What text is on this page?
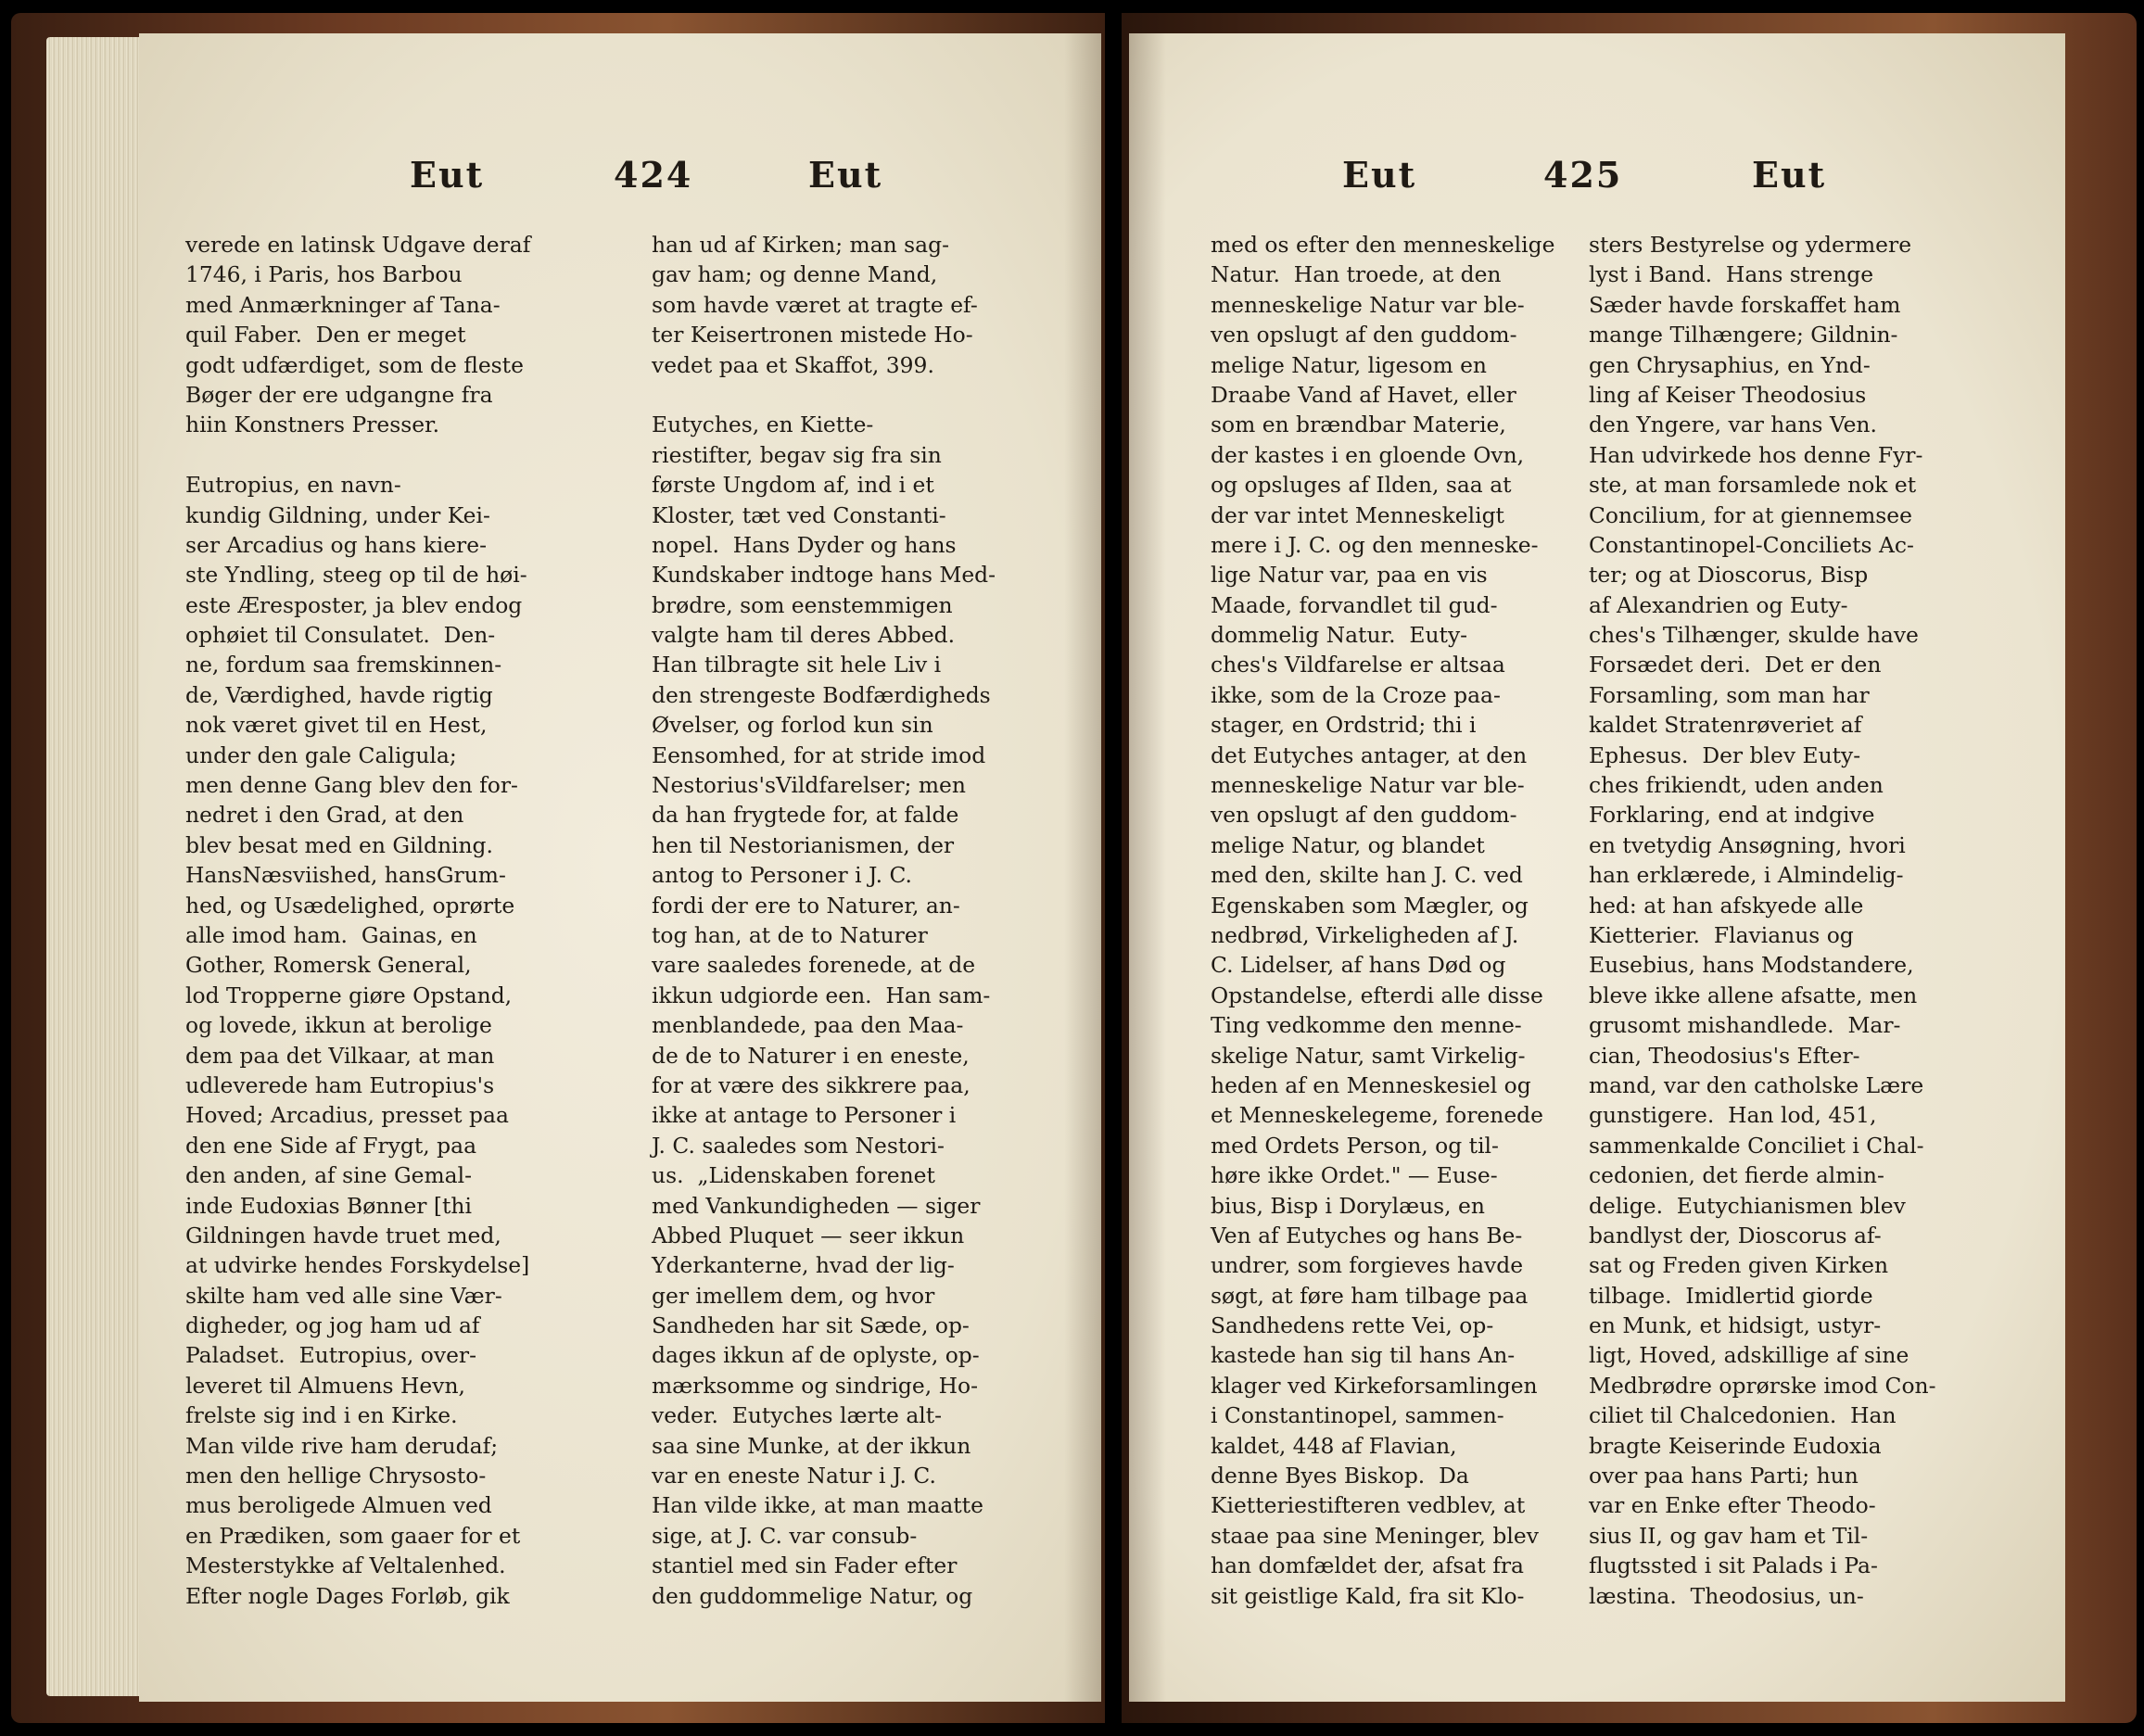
Eut	424	Eut
verede en latinsk Udgave deraf
1746, i Paris, hos Barbou
med Anmærkninger af Tana-
quil Faber.  Den er meget
godt udfærdiget, som de fleste
Bøger der ere udgangne fra
hiin Konstners Presser.
Eutropius, en navn-
kundig Gildning, under Kei-
ser Arcadius og hans kiere-
ste Yndling, steeg op til de høi-
este Æresposter, ja blev endog
ophøiet til Consulatet.  Den-
ne, fordum saa fremskinnen-
de, Værdighed, havde rigtig
nok været givet til en Hest,
under den gale Caligula;
men denne Gang blev den for-
nedret i den Grad, at den
blev besat med en Gildning.
HansNæsviished, hansGrum-
hed, og Usædelighed, oprørte
alle imod ham.  Gainas, en
Gother, Romersk General,
lod Tropperne giøre Opstand,
og lovede, ikkun at berolige
dem paa det Vilkaar, at man
udleverede ham Eutropius's
Hoved; Arcadius, presset paa
den ene Side af Frygt, paa
den anden, af sine Gemal-
inde Eudoxias Bønner [thi
Gildningen havde truet med,
at udvirke hendes Forskydelse]
skilte ham ved alle sine Vær-
digheder, og jog ham ud af
Paladset.  Eutropius, over-
leveret til Almuens Hevn,
frelste sig ind i en Kirke.
Man vilde rive ham derudaf;
men den hellige Chrysosto-
mus beroligede Almuen ved
en Prædiken, som gaaer for et
Mesterstykke af Veltalenhed.
Efter nogle Dages Forløb, gik
han ud af Kirken; man sag-
gav ham; og denne Mand,
som havde været at tragte ef-
ter Keisertronen mistede Ho-
vedet paa et Skaffot, 399.
Eutyches, en Kiette-
riestifter, begav sig fra sin
første Ungdom af, ind i et
Kloster, tæt ved Constanti-
nopel.  Hans Dyder og hans
Kundskaber indtoge hans Med-
brødre, som eenstemmigen
valgte ham til deres Abbed.
Han tilbragte sit hele Liv i
den strengeste Bodfærdigheds
Øvelser, og forlod kun sin
Eensomhed, for at stride imod
Nestorius'sVildfarelser; men
da han frygtede for, at falde
hen til Nestorianismen, der
antog to Personer i J. C.
fordi der ere to Naturer, an-
tog han, at de to Naturer
vare saaledes forenede, at de
ikkun udgiorde een.  Han sam-
menblandede, paa den Maa-
de de to Naturer i en eneste,
for at være des sikkrere paa,
ikke at antage to Personer i
J. C. saaledes som Nestori-
us.  „Lidenskaben forenet
med Vankundigheden — siger
Abbed Pluquet — seer ikkun
Yderkanterne, hvad der lig-
ger imellem dem, og hvor
Sandheden har sit Sæde, op-
dages ikkun af de oplyste, op-
mærksomme og sindrige, Ho-
veder.  Eutyches lærte alt-
saa sine Munke, at der ikkun
var en eneste Natur i J. C.
Han vilde ikke, at man maatte
sige, at J. C. var consub-
stantiel med sin Fader efter
den guddommelige Natur, og
Eut	425	Eut
med os efter den menneskelige
Natur.  Han troede, at den
menneskelige Natur var ble-
ven opslugt af den guddom-
melige Natur, ligesom en
Draabe Vand af Havet, eller
som en brændbar Materie,
der kastes i en gloende Ovn,
og opsluges af Ilden, saa at
der var intet Menneskeligt
mere i J. C. og den menneske-
lige Natur var, paa en vis
Maade, forvandlet til gud-
dommelig Natur.  Euty-
ches's Vildfarelse er altsaa
ikke, som de la Croze paa-
stager, en Ordstrid; thi i
det Eutyches antager, at den
menneskelige Natur var ble-
ven opslugt af den guddom-
melige Natur, og blandet
med den, skilte han J. C. ved
Egenskaben som Mægler, og
nedbrød, Virkeligheden af J.
C. Lidelser, af hans Død og
Opstandelse, efterdi alle disse
Ting vedkomme den menne-
skelige Natur, samt Virkelig-
heden af en Menneskesiel og
et Menneskelegeme, forenede
med Ordets Person, og til-
høre ikke Ordet." — Euse-
bius, Bisp i Dorylæus, en
Ven af Eutyches og hans Be-
undrer, som forgieves havde
søgt, at føre ham tilbage paa
Sandhedens rette Vei, op-
kastede han sig til hans An-
klager ved Kirkeforsamlingen
i Constantinopel, sammen-
kaldet, 448 af Flavian,
denne Byes Biskop.  Da
Kietteriestifteren vedblev, at
staae paa sine Meninger, blev
han domfældet der, afsat fra
sit geistlige Kald, fra sit Klo-
sters Bestyrelse og ydermere
lyst i Band.  Hans strenge
Sæder havde forskaffet ham
mange Tilhængere; Gildnin-
gen Chrysaphius, en Ynd-
ling af Keiser Theodosius
den Yngere, var hans Ven.
Han udvirkede hos denne Fyr-
ste, at man forsamlede nok et
Concilium, for at giennemsee
Constantinopel-Conciliets Ac-
ter; og at Dioscorus, Bisp
af Alexandrien og Euty-
ches's Tilhænger, skulde have
Forsædet deri.  Det er den
Forsamling, som man har
kaldet Stratenrøveriet af
Ephesus.  Der blev Euty-
ches frikiendt, uden anden
Forklaring, end at indgive
en tvetydig Ansøgning, hvori
han erklærede, i Almindelig-
hed: at han afskyede alle
Kietterier.  Flavianus og
Eusebius, hans Modstandere,
bleve ikke allene afsatte, men
grusomt mishandlede.  Mar-
cian, Theodosius's Efter-
mand, var den catholske Lære
gunstigere.  Han lod, 451,
sammenkalde Conciliet i Chal-
cedonien, det fierde almin-
delige.  Eutychianismen blev
bandlyst der, Dioscorus af-
sat og Freden given Kirken
tilbage.  Imidlertid giorde
en Munk, et hidsigt, ustyr-
ligt, Hoved, adskillige af sine
Medbrødre oprørske imod Con-
ciliet til Chalcedonien.  Han
bragte Keiserinde Eudoxia
over paa hans Parti; hun
var en Enke efter Theodo-
sius II, og gav ham et Til-
flugtssted i sit Palads i Pa-
læstina.  Theodosius, un-
